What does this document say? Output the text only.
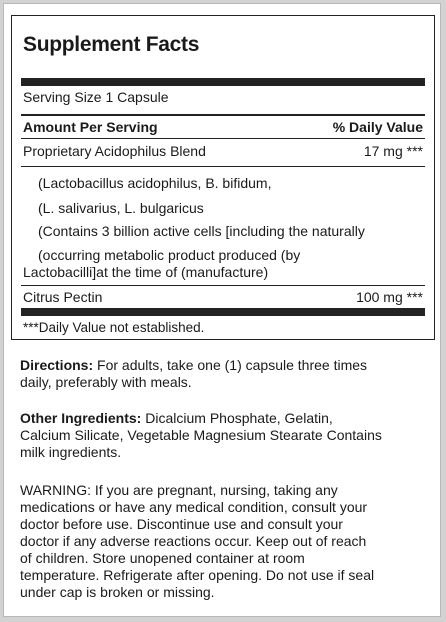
Supplement Facts
Serving Size 1 Capsule
Amount Per Serving	% Daily Value
Proprietary Acidophilus Blend	17 mg ***
(Lactobacillus acidophilus, B. bifidum,
(L. salivarius, L. bulgaricus
(Contains 3 billion active cells [including the naturally
(occurring metabolic product produced (by
Lactobacilli]at the time of (manufacture)
Citrus Pectin	100 mg ***
***Daily Value not established.
Directions: For adults, take one (1) capsule three times
daily, preferably with meals.
Other Ingredients: Dicalcium Phosphate, Gelatin,
Calcium Silicate, Vegetable Magnesium Stearate Contains
milk ingredients.
WARNING: If you are pregnant, nursing, taking any
medications or have any medical condition, consult your
doctor before use. Discontinue use and consult your
doctor if any adverse reactions occur. Keep out of reach
of children. Store unopened container at room
temperature. Refrigerate after opening. Do not use if seal
under cap is broken or missing.
